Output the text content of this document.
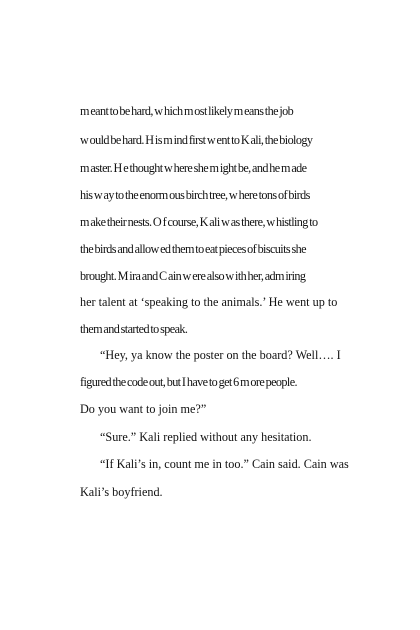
m eant to be hard, w hich m ost likely m eans the job
w ould be hard. H is m ind first w ent to K ali, the biology
m aster. H e thought w here she m ight be, and he m ade
his w ay to the enorm ous birch tree, w here tons of birds
m ake their nests. O f course, K ali w as there, w histling to
the birds and allow ed them to eat pieces of biscuits she
brought. M ira and C ain w ere also w ith her, adm iring
her talent at ‘speaking to the animals.’ He went up to
them and started to speak.
“Hey, ya know the poster on the board? Well…. I
figured the code out, but I have to get 6 m ore people.
Do you want to join me?”
“Sure.” Kali replied without any hesitation.
“If Kali’s in, count me in too.” Cain said. Cain was
Kali’s boyfriend.
